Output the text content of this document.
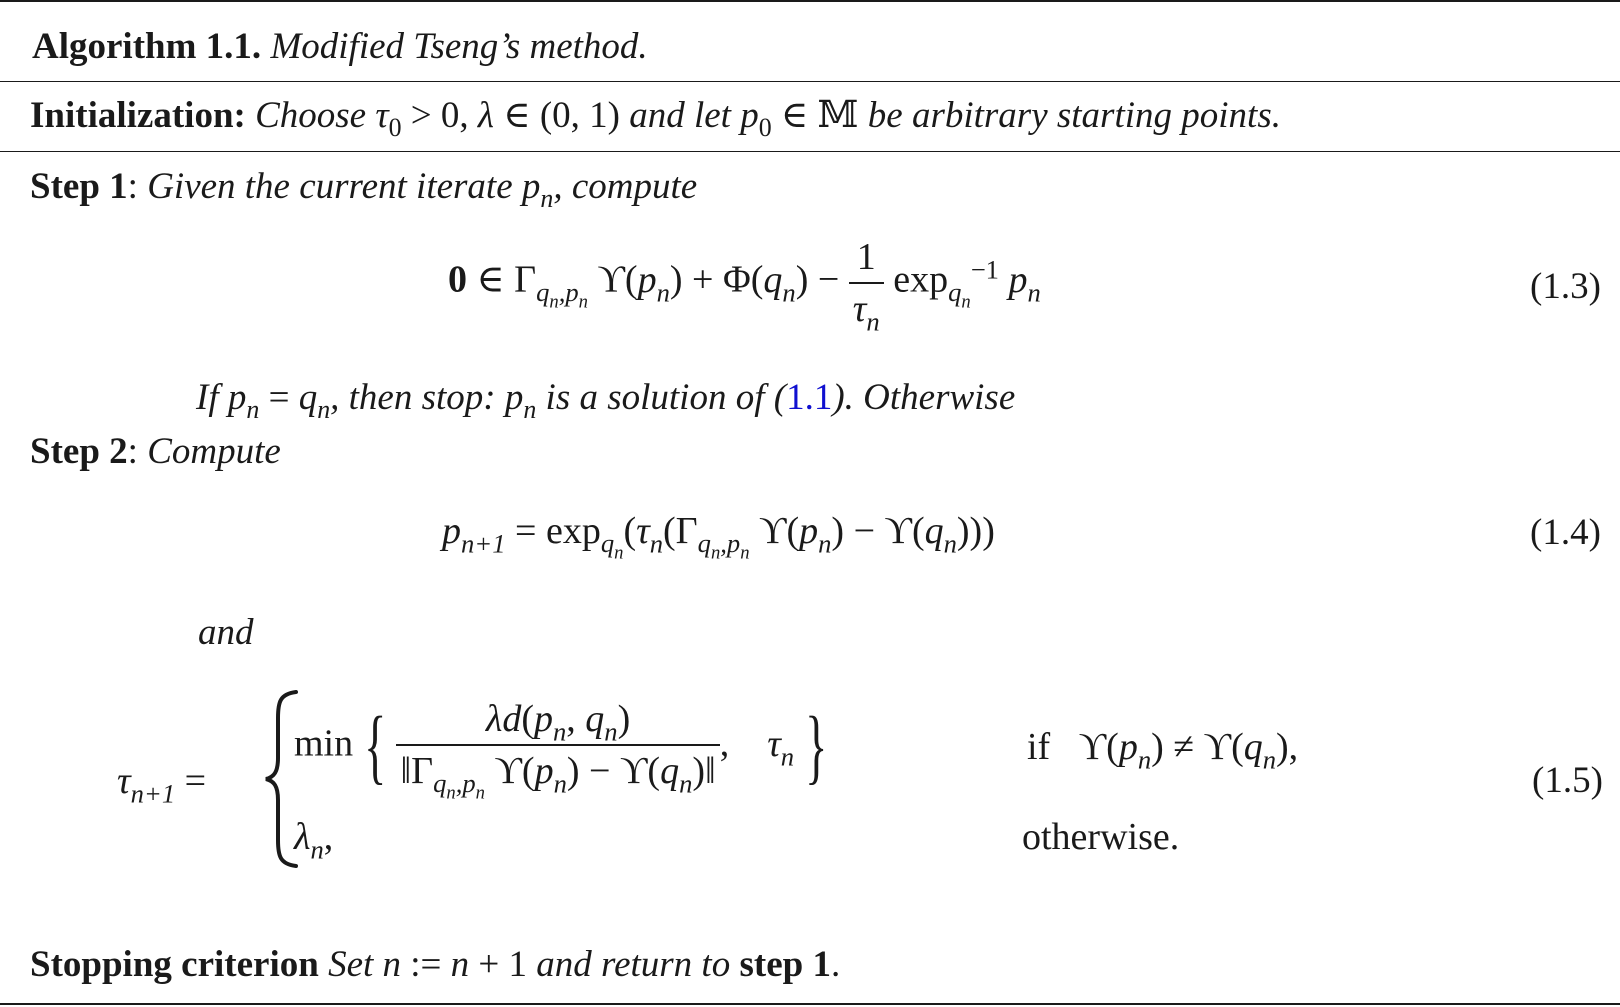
Algorithm 1.1. Modified Tseng’s method.
Initialization: Choose $\tau_0 > 0$, λ ∈ (0, 1) and let $p_0$ ∈ 𝕄 be arbitrary starting points.
Step 1: Given the current iterate $p_n$, compute
0 ∈ $\Gamma_{q_n,p_n}$ $ϒ(p_n) + \Phi(q_n) - \frac{1}{\tau_n} \exp_{q_n}^{-1} p_n$	(1.3)
If $p_n = q_n$, then stop: $p_n$ is a solution of (1.1). Otherwise
Step 2: Compute
$p_{n+1} = \exp_{q_n}(\tau_n(\Gamma_{q_n,p_n}$ $ϒ(p_n) - ϒ(q_n)$))	(1.4)
and
$\tau_{n+1}$ =
min { $\frac{\lambda d(p_n, q_n)}{‖\Gamma_{q_n,p_n} ϒ(p_n) - ϒ(q_n)‖}$ ,    $\tau_n$ }	if   $ϒ(p_n) \ne ϒ(q_n)$,
$\lambda_n$,	otherwise.
(1.5)
Stopping criterion Set n := n + 1 and return to step 1.
